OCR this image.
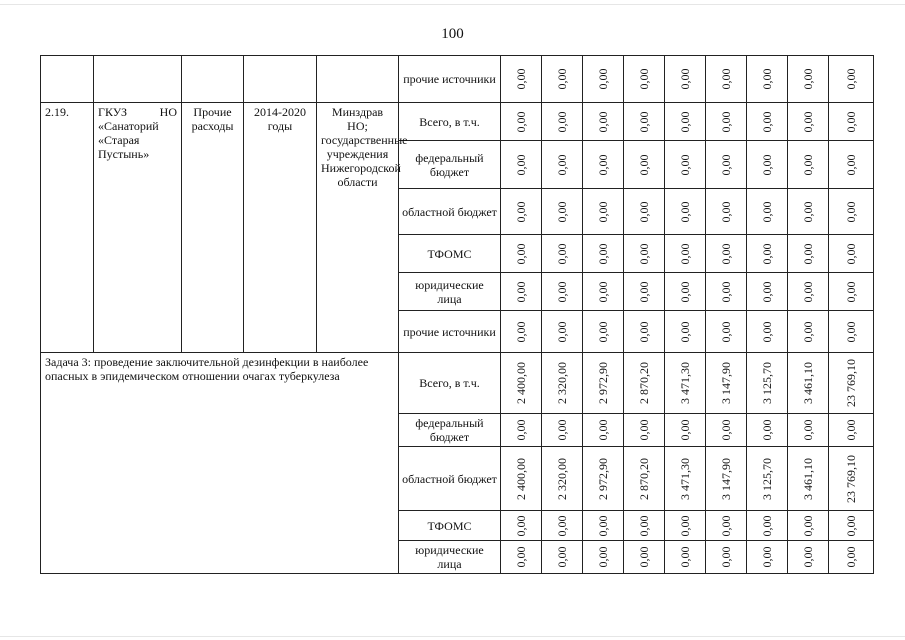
100
					прочие источники	0,00	0,00	0,00	0,00	0,00	0,00	0,00	0,00	0,00

2.19.	ГКУЗ НО «Санаторий «Старая Пустынь»	Прочие расходы	2014-2020 годы	Минздрав НО; государственные учреждения Нижегородской области	Всего, в т.ч.	0,00	0,00	0,00	0,00	0,00	0,00	0,00	0,00	0,00

					федеральный бюджет	0,00	0,00	0,00	0,00	0,00	0,00	0,00	0,00	0,00

					областной бюджет	0,00	0,00	0,00	0,00	0,00	0,00	0,00	0,00	0,00

					ТФОМС	0,00	0,00	0,00	0,00	0,00	0,00	0,00	0,00	0,00

					юридические лица	0,00	0,00	0,00	0,00	0,00	0,00	0,00	0,00	0,00

					прочие источники	0,00	0,00	0,00	0,00	0,00	0,00	0,00	0,00	0,00

Задача 3: проведение заключительной дезинфекции в наиболее опасных в эпидемическом отношении очагах туберкулеза					Всего, в т.ч.	2 400,00	2 320,00	2 972,90	2 870,20	3 471,30	3 147,90	3 125,70	3 461,10	23 769,10

					федеральный бюджет	0,00	0,00	0,00	0,00	0,00	0,00	0,00	0,00	0,00

					областной бюджет	2 400,00	2 320,00	2 972,90	2 870,20	3 471,30	3 147,90	3 125,70	3 461,10	23 769,10

					ТФОМС	0,00	0,00	0,00	0,00	0,00	0,00	0,00	0,00	0,00

					юридические лица	0,00	0,00	0,00	0,00	0,00	0,00	0,00	0,00	0,00
